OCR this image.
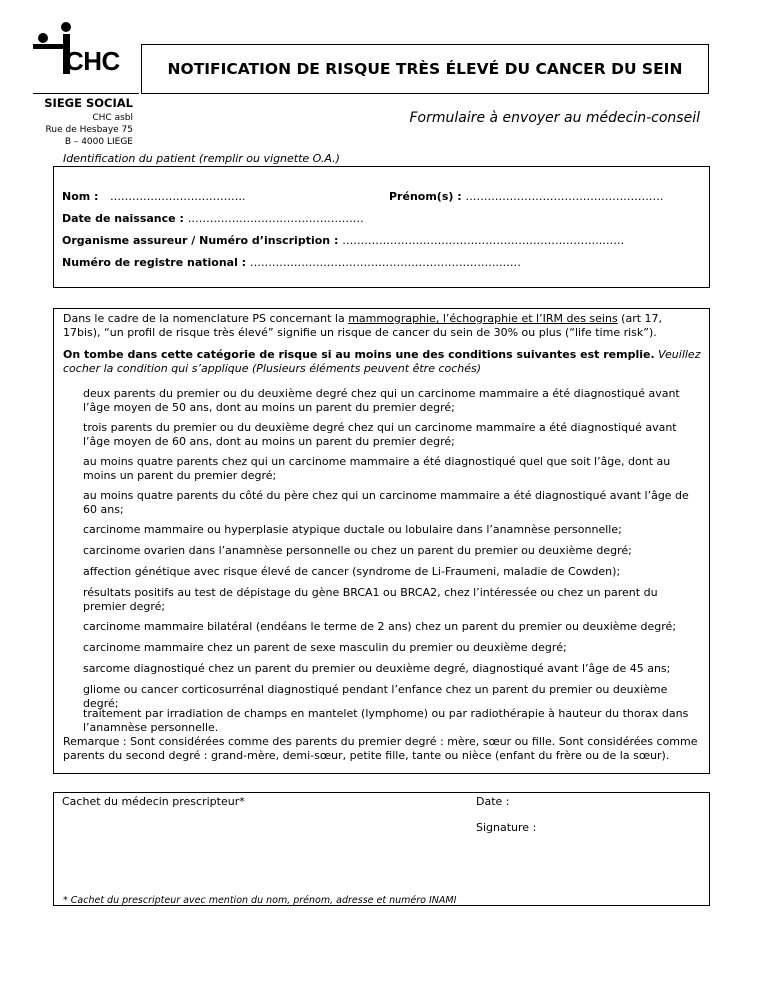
CHC	NOTIFICATION DE RISQUE TRÈS ÉLEVÉ DU CANCER DU SEIN
SIEGE SOCIAL
CHC asbl
Rue de Hesbaye 75
B – 4000 LIEGE
Formulaire à envoyer au médecin-conseil
Identification du patient (remplir ou vignette O.A.)
Nom : ……………………………….	Prénom(s) : ………………………………………………
Date de naissance : …………………………………………
Organisme assureur / Numéro d’inscription : ……………………………………………………………..……
Numéro de registre national : …………………………………………………………..……
Dans le cadre de la nomenclature PS concernant la mammographie, l’échographie et l’IRM des seins (art 17, 17bis), “un profil de risque très élevé” signifie un risque de cancer du sein de 30% ou plus (“life time risk”).
On tombe dans cette catégorie de risque si au moins une des conditions suivantes est remplie. Veuillez cocher la condition qui s’applique (Plusieurs éléments peuvent être cochés)
deux parents du premier ou du deuxième degré chez qui un carcinome mammaire a été diagnostiqué avant l’âge moyen de 50 ans, dont au moins un parent du premier degré;
trois parents du premier ou du deuxième degré chez qui un carcinome mammaire a été diagnostiqué avant l’âge moyen de 60 ans, dont au moins un parent du premier degré;
au moins quatre parents chez qui un carcinome mammaire a été diagnostiqué quel que soit l’âge, dont au moins un parent du premier degré;
au moins quatre parents du côté du père chez qui un carcinome mammaire a été diagnostiqué avant l’âge de 60 ans;
carcinome mammaire ou hyperplasie atypique ductale ou lobulaire dans l’anamnèse personnelle;
carcinome ovarien dans l’anamnèse personnelle ou chez un parent du premier ou deuxième degré;
affection génétique avec risque élevé de cancer (syndrome de Li-Fraumeni, maladie de Cowden);
résultats positifs au test de dépistage du gène BRCA1 ou BRCA2, chez l’intéressée ou chez un parent du premier degré;
carcinome mammaire bilatéral (endéans le terme de 2 ans) chez un parent du premier ou deuxième degré;
carcinome mammaire chez un parent de sexe masculin du premier ou deuxième degré;
sarcome diagnostiqué chez un parent du premier ou deuxième degré, diagnostiqué avant l’âge de 45 ans;
gliome ou cancer corticosurrénal diagnostiqué pendant l’enfance chez un parent du premier ou deuxième degré;
traitement par irradiation de champs en mantelet (lymphome) ou par radiothérapie à hauteur du thorax dans l’anamnèse personnelle.
Remarque : Sont considérées comme des parents du premier degré : mère, sœur ou fille. Sont considérées comme parents du second degré : grand-mère, demi-sœur, petite fille, tante ou nièce (enfant du frère ou de la sœur).
Cachet du médecin prescripteur*	Date :
Signature :
* Cachet du prescripteur avec mention du nom, prénom, adresse et numéro INAMI
